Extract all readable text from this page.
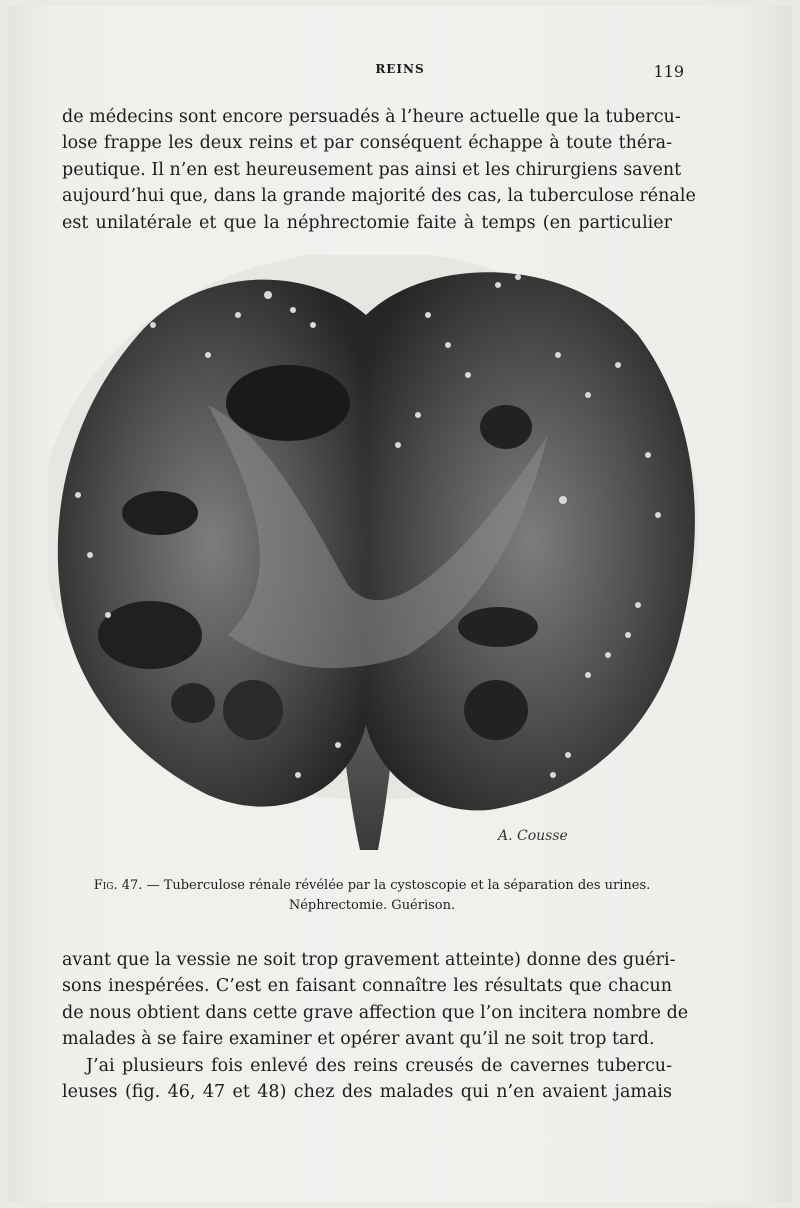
REINS	119
de médecins sont encore persuadés à l’heure actuelle que la tubercu-
lose frappe les deux reins et par conséquent échappe à toute théra-
peutique. Il n’en est heureusement pas ainsi et les chirurgiens savent
aujourd’hui que, dans la grande majorité des cas, la tuberculose rénale
est unilatérale et que la néphrectomie faite à temps (en particulier
A. Cousse
Fig. 47. — Tuberculose rénale révélée par la cystoscopie et la séparation des urines.
Néphrectomie. Guérison.
avant que la vessie ne soit trop gravement atteinte) donne des guéri-
sons inespérées. C’est en faisant connaître les résultats que chacun
de nous obtient dans cette grave affection que l’on incitera nombre de
malades à se faire examiner et opérer avant qu’il ne soit trop tard.
J’ai plusieurs fois enlevé des reins creusés de cavernes tubercu-
leuses (fig. 46, 47 et 48) chez des malades qui n’en avaient jamais
